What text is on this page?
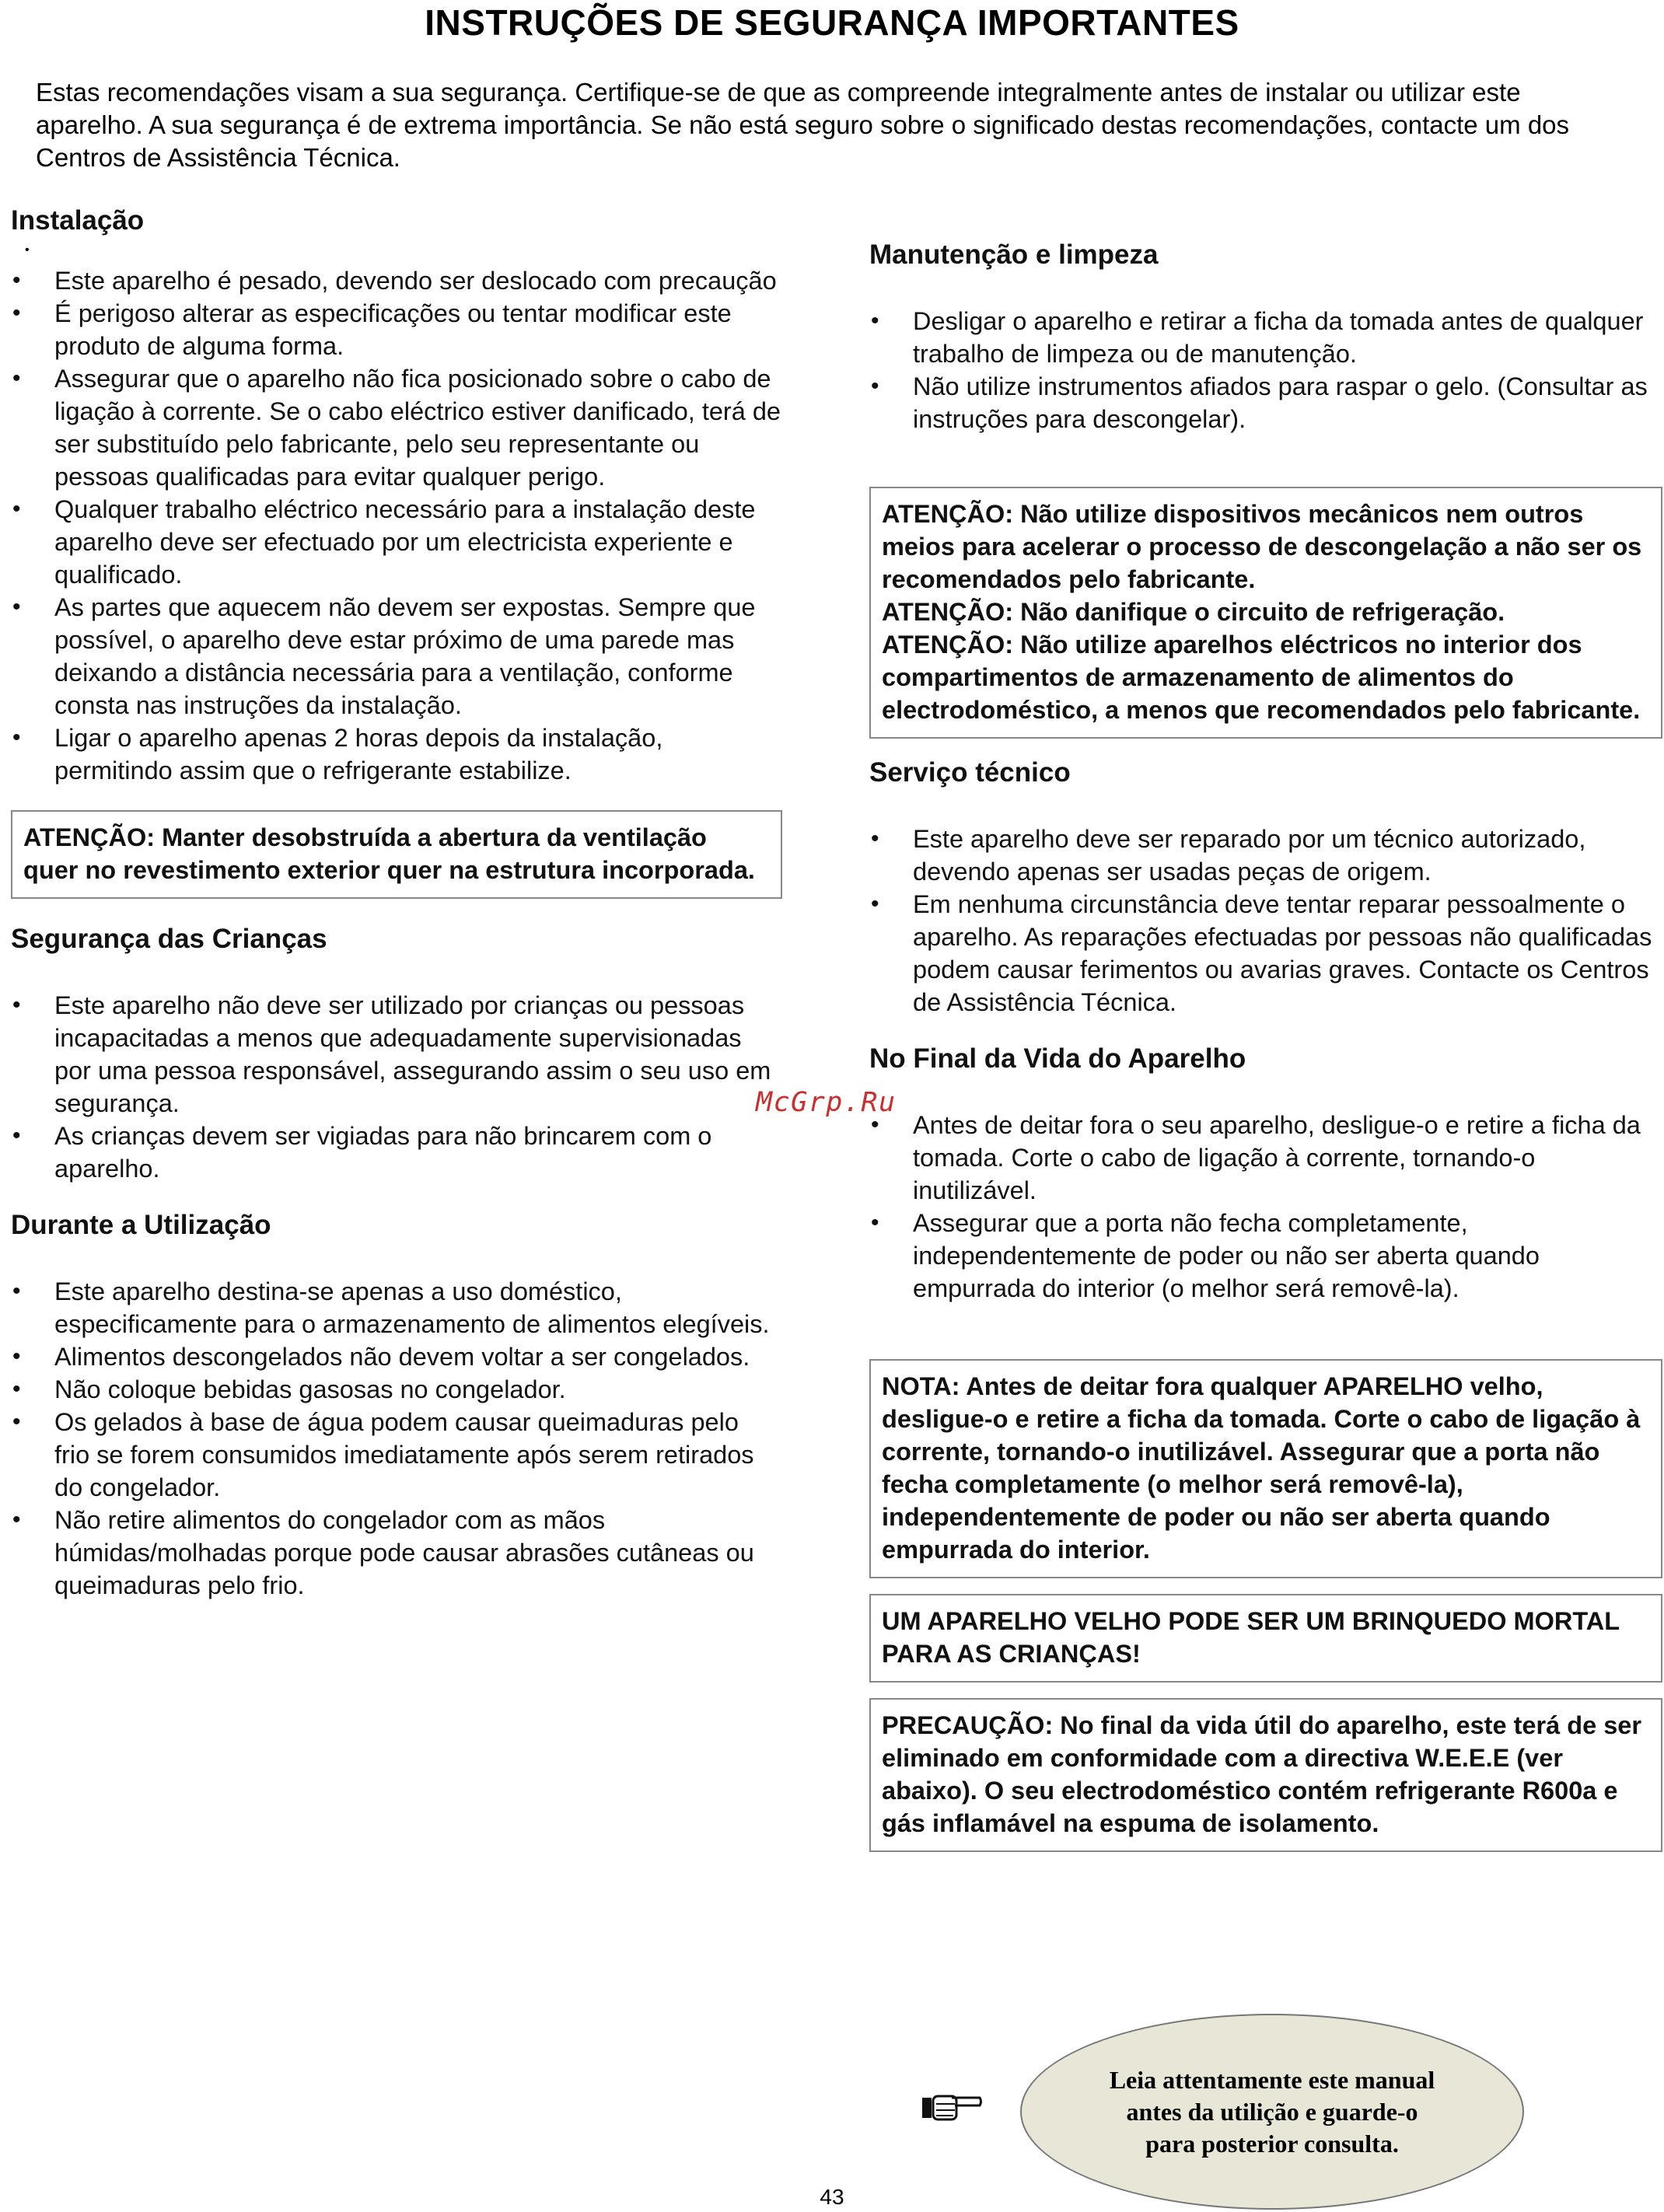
INSTRUÇÕES DE SEGURANÇA IMPORTANTES

Estas recomendações visam a sua segurança. Certifique-se de que as compreende integralmente antes de instalar ou utilizar este aparelho. A sua segurança é de extrema importância. Se não está seguro sobre o significado destas recomendações, contacte um dos Centros de Assistência Técnica.

Instalação
•
• Este aparelho é pesado, devendo ser deslocado com precaução
• É perigoso alterar as especificações ou tentar modificar este produto de alguma forma.
• Assegurar que o aparelho não fica posicionado sobre o cabo de ligação à corrente. Se o cabo eléctrico estiver danificado, terá de ser substituído pelo fabricante, pelo seu representante ou pessoas qualificadas para evitar qualquer perigo.
• Qualquer trabalho eléctrico necessário para a instalação deste aparelho deve ser efectuado por um electricista experiente e qualificado.
• As partes que aquecem não devem ser expostas. Sempre que possível, o aparelho deve estar próximo de uma parede mas deixando a distância necessária para a ventilação, conforme consta nas instruções da instalação.
• Ligar o aparelho apenas 2 horas depois da instalação, permitindo assim que o refrigerante estabilize.

ATENÇÃO: Manter desobstruída a abertura da ventilação quer no revestimento exterior quer na estrutura incorporada.

Segurança das Crianças
• Este aparelho não deve ser utilizado por crianças ou pessoas incapacitadas a menos que adequadamente supervisionadas por uma pessoa responsável, assegurando assim o seu uso em segurança.
• As crianças devem ser vigiadas para não brincarem com o aparelho.
Durante a Utilização
• Este aparelho destina-se apenas a uso doméstico, especificamente para o armazenamento de alimentos elegíveis.
• Alimentos descongelados não devem voltar a ser congelados.
• Não coloque bebidas gasosas no congelador.
• Os gelados à base de água podem causar queimaduras pelo frio se forem consumidos imediatamente após serem retirados do congelador.
• Não retire alimentos do congelador com as mãos húmidas/molhadas porque pode causar abrasões cutâneas ou queimaduras pelo frio.
Manutenção e limpeza
• Desligar o aparelho e retirar a ficha da tomada antes de qualquer trabalho de limpeza ou de manutenção.
• Não utilize instrumentos afiados para raspar o gelo. (Consultar as instruções para descongelar).

ATENÇÃO: Não utilize dispositivos mecânicos nem outros meios para acelerar o processo de descongelação a não ser os recomendados pelo fabricante.

ATENÇÃO: Não danifique o circuito de refrigeração.

ATENÇÃO: Não utilize aparelhos eléctricos no interior dos compartimentos de armazenamento de alimentos do electrodoméstico, a menos que recomendados pelo fabricante.

Serviço técnico
• Este aparelho deve ser reparado por um técnico autorizado, devendo apenas ser usadas peças de origem.
• Em nenhuma circunstância deve tentar reparar pessoalmente o aparelho. As reparações efectuadas por pessoas não qualificadas podem causar ferimentos ou avarias graves. Contacte os Centros de Assistência Técnica.
No Final da Vida do Aparelho
• Antes de deitar fora o seu aparelho, desligue-o e retire a ficha da tomada. Corte o cabo de ligação à corrente, tornando-o inutilizável.
• Assegurar que a porta não fecha completamente, independentemente de poder ou não ser aberta quando empurrada do interior (o melhor será removê-la).

NOTA: Antes de deitar fora qualquer APARELHO velho, desligue-o e retire a ficha da tomada. Corte o cabo de ligação à corrente, tornando-o inutilizável. Assegurar que a porta não fecha completamente (o melhor será removê-la), independentemente de poder ou não ser aberta quando empurrada do interior.

UM APARELHO VELHO PODE SER UM BRINQUEDO MORTAL PARA AS CRIANÇAS!

PRECAUÇÃO: No final da vida útil do aparelho, este terá de ser eliminado em conformidade com a directiva W.E.E.E (ver abaixo). O seu electrodoméstico contém refrigerante R600a e gás inflamável na espuma de isolamento.

McGrp.Ru
Leia attentamente este manual antes da utilição e guarde-o para posterior consulta.
43
